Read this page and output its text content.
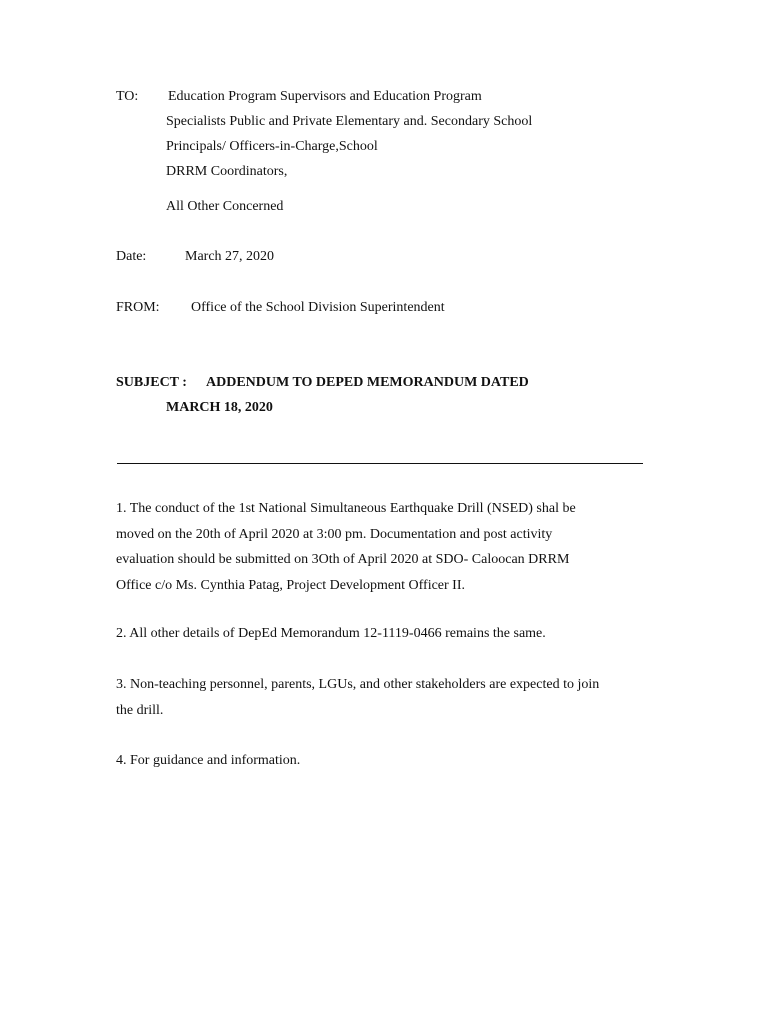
TO: Education Program Supervisors and Education Program
Specialists Public and Private Elementary and. Secondary School
Principals/ Officers-in-Charge,School
DRRM Coordinators,
All Other Concerned
Date:	March 27, 2020
FROM: Office of the School Division Superintendent
SUBJECT : ADDENDUM TO DEPED MEMORANDUM DATED
MARCH 18, 2020
1. The conduct of the 1st National Simultaneous Earthquake Drill (NSED) shal be
moved on the 20th of April 2020 at 3:00 pm. Documentation and post activity
evaluation should be submitted on 3Oth of April 2020 at SDO- Caloocan DRRM
Office c/o Ms. Cynthia Patag, Project Development Officer II.
2. All other details of DepEd Memorandum 12-1119-0466 remains the same.
3. Non-teaching personnel, parents, LGUs, and other stakeholders are expected to join
the drill.
4. For guidance and information.
